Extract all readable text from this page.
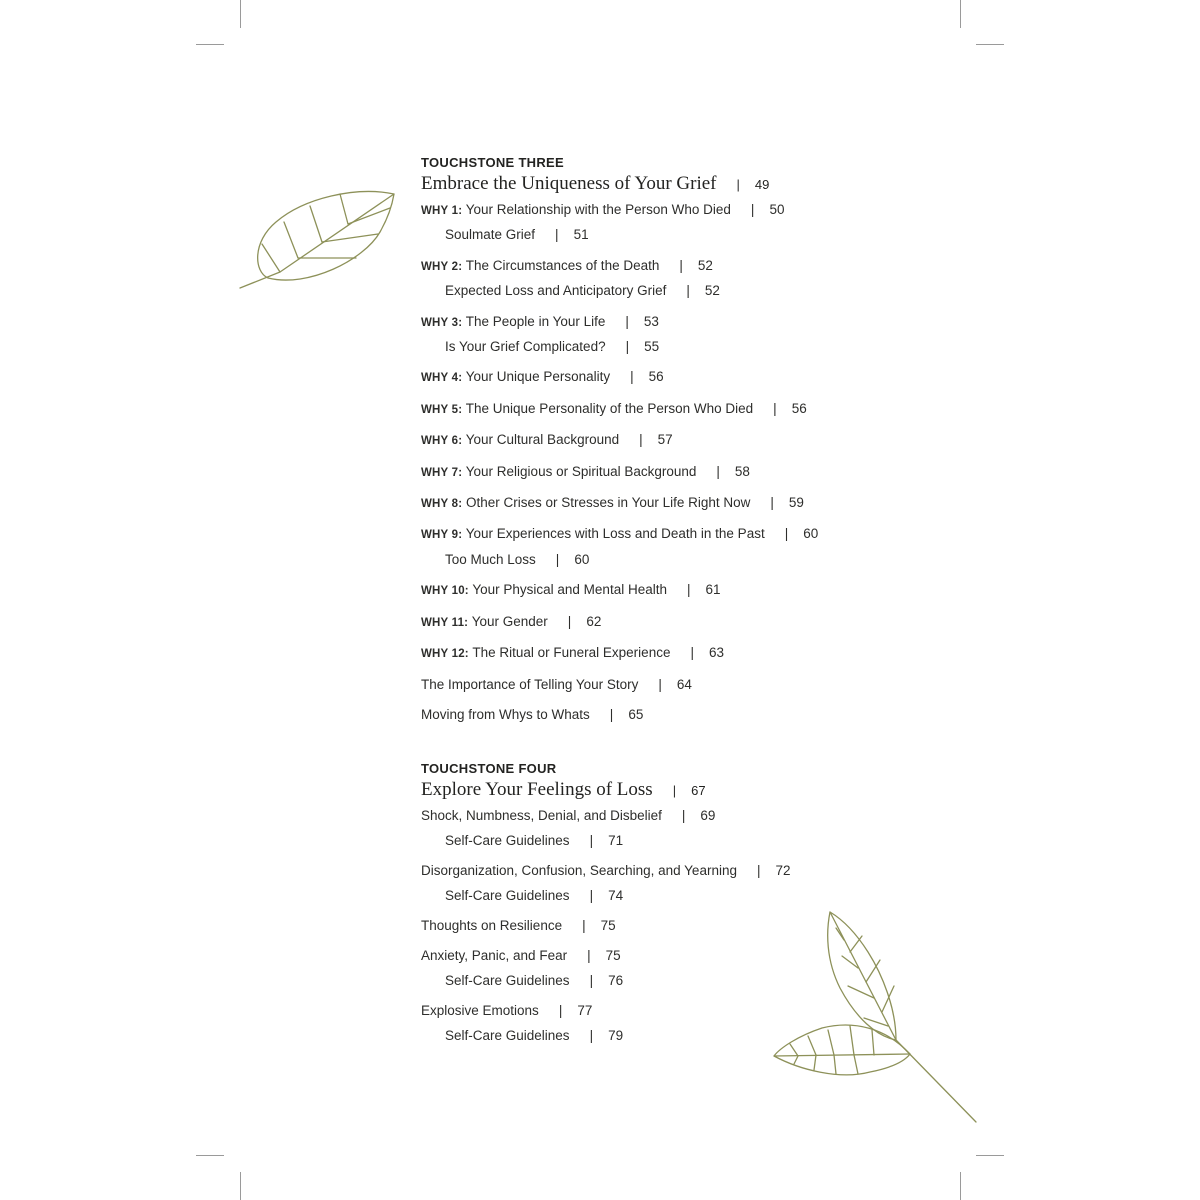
TOUCHSTONE THREE
Embrace the Uniqueness of Your Grief | 49
WHY 1: Your Relationship with the Person Who Died | 50
Soulmate Grief | 51
WHY 2: The Circumstances of the Death | 52
Expected Loss and Anticipatory Grief | 52
WHY 3: The People in Your Life | 53
Is Your Grief Complicated? | 55
WHY 4: Your Unique Personality | 56
WHY 5: The Unique Personality of the Person Who Died | 56
WHY 6: Your Cultural Background | 57
WHY 7: Your Religious or Spiritual Background | 58
WHY 8: Other Crises or Stresses in Your Life Right Now | 59
WHY 9: Your Experiences with Loss and Death in the Past | 60
Too Much Loss | 60
WHY 10: Your Physical and Mental Health | 61
WHY 11: Your Gender | 62
WHY 12: The Ritual or Funeral Experience | 63
The Importance of Telling Your Story | 64
Moving from Whys to Whats | 65
TOUCHSTONE FOUR
Explore Your Feelings of Loss | 67
Shock, Numbness, Denial, and Disbelief | 69
Self-Care Guidelines | 71
Disorganization, Confusion, Searching, and Yearning | 72
Self-Care Guidelines | 74
Thoughts on Resilience | 75
Anxiety, Panic, and Fear | 75
Self-Care Guidelines | 76
Explosive Emotions | 77
Self-Care Guidelines | 79
